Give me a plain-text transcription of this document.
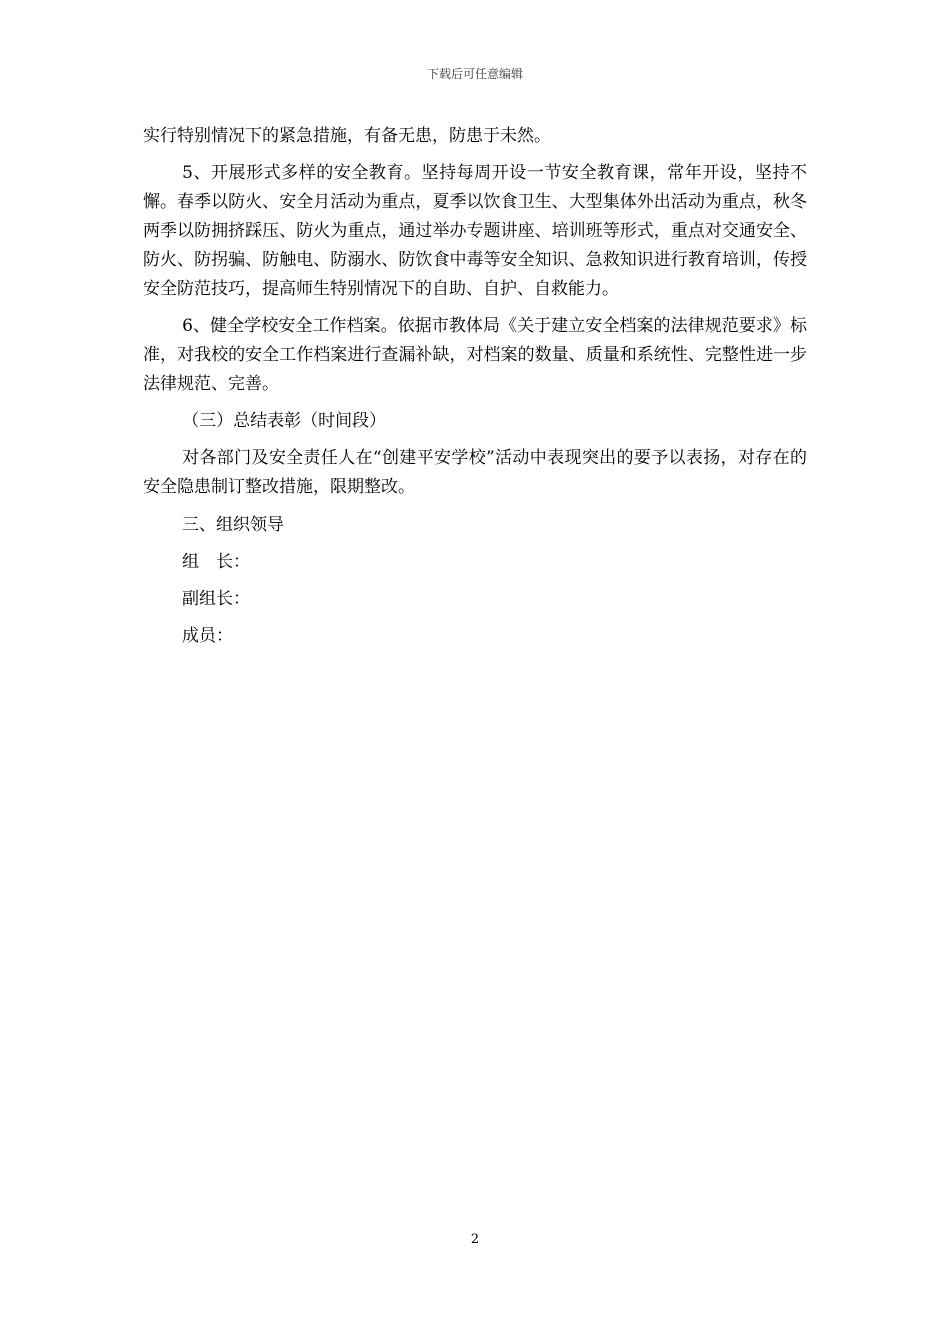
下载后可任意编辑

实行特别情况下的紧急措施，有备无患，防患于未然。

5、开展形式多样的安全教育。坚持每周开设一节安全教育课，常年开设，坚持不懈。春季以防火、安全月活动为重点，夏季以饮食卫生、大型集体外出活动为重点，秋冬两季以防拥挤踩压、防火为重点，通过举办专题讲座、培训班等形式，重点对交通安全、防火、防拐骗、防触电、防溺水、防饮食中毒等安全知识、急救知识进行教育培训，传授安全防范技巧，提高师生特别情况下的自助、自护、自救能力。

6、健全学校安全工作档案。依据市教体局《关于建立安全档案的法律规范要求》标准，对我校的安全工作档案进行查漏补缺，对档案的数量、质量和系统性、完整性进一步法律规范、完善。

（三）总结表彰（时间段）

对各部门及安全责任人在“创建平安学校”活动中表现突出的要予以表扬，对存在的安全隐患制订整改措施，限期整改。

三、组织领导

组　长：

副组长：

成员：

2
